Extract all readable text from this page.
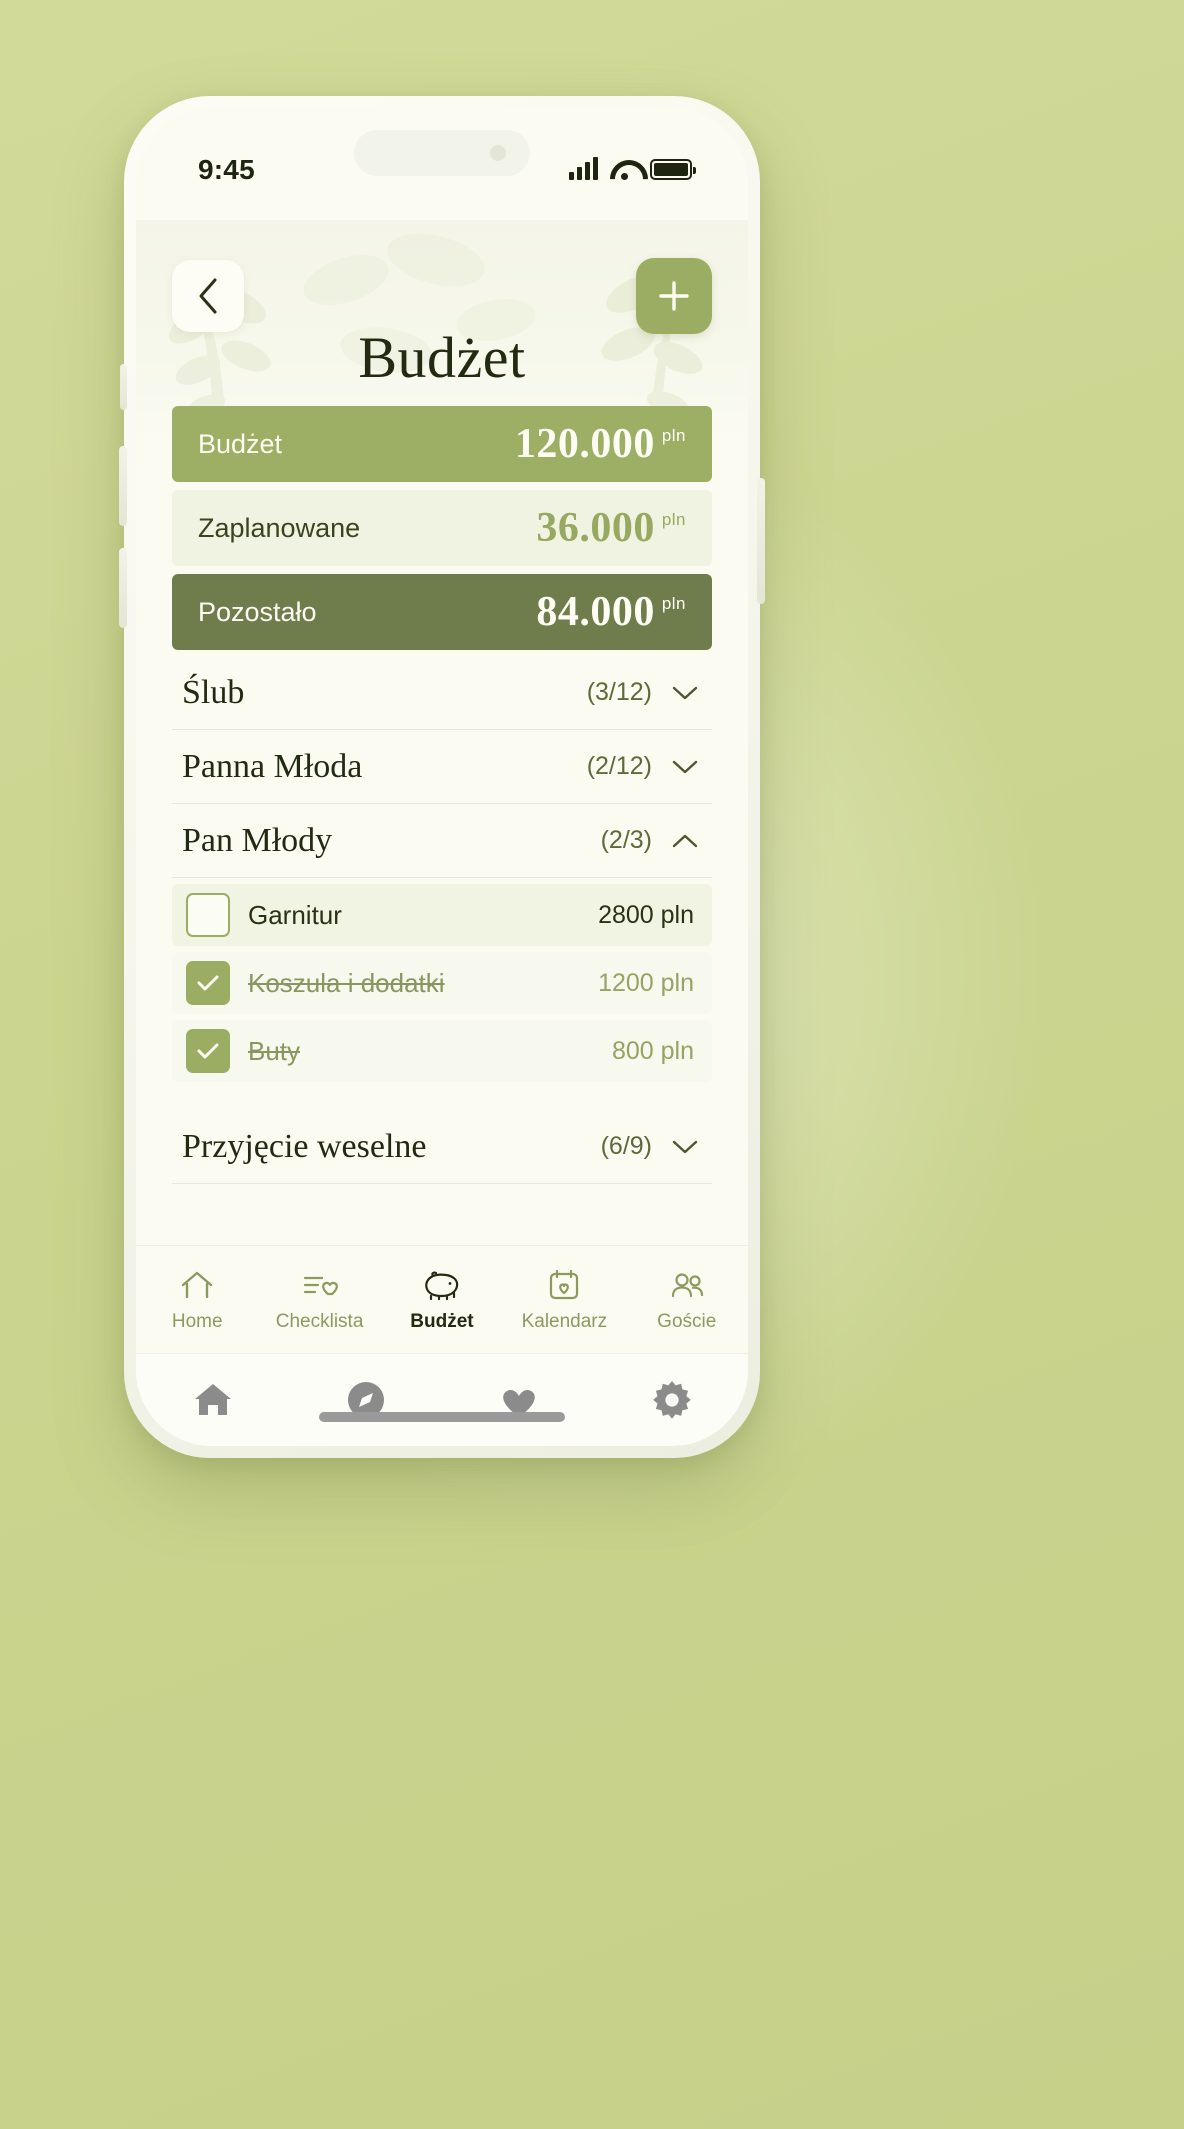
9:45
Budżet
Budżet	120.000 pln
Zaplanowane	36.000 pln
Pozostało	84.000 pln
Ślub	(3/12)
Panna Młoda	(2/12)
Pan Młody	(2/3)
Garnitur	2800 pln
Koszula i dodatki	1200 pln
Buty	800 pln
Przyjęcie weselne	(6/9)
Home	Checklista Budżet	Kalendarz	Goście
